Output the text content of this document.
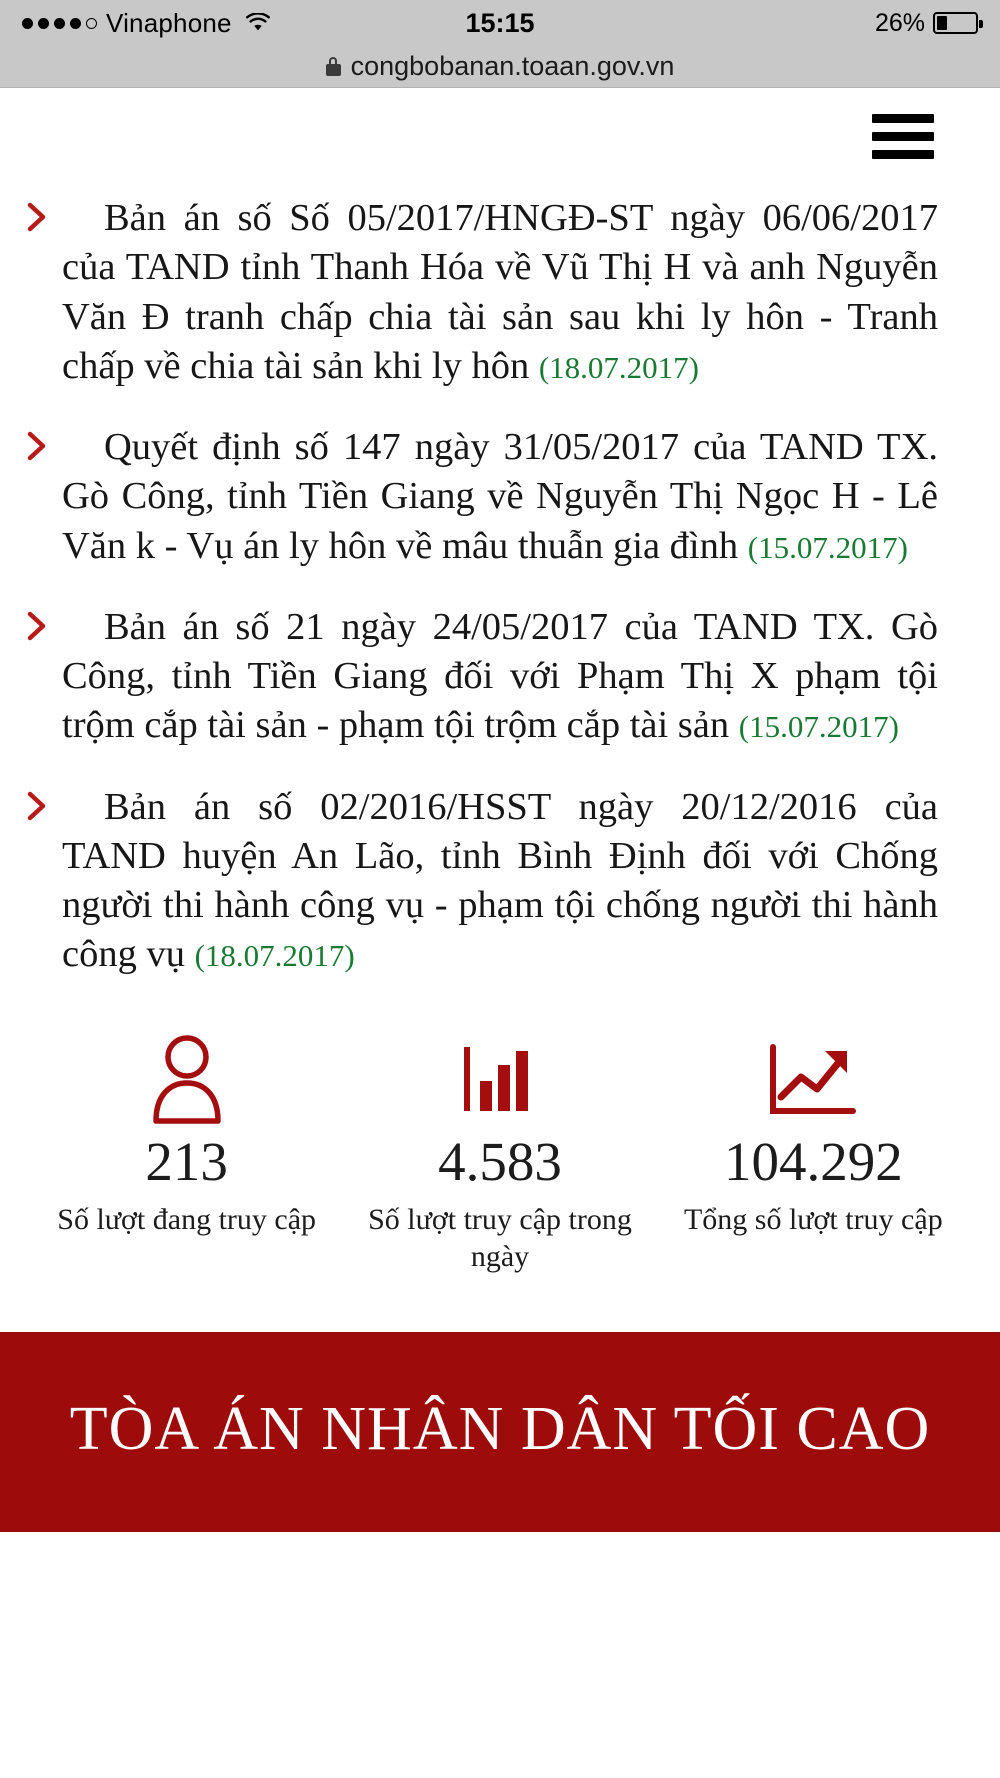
Vinaphone	15:15	26%
congbobanan.toaan.gov.vn
Bản án số Số 05/2017/HNGĐ-ST ngày 06/06/2017 của TAND tỉnh Thanh Hóa về Vũ Thị H và anh Nguyễn Văn Đ tranh chấp chia tài sản sau khi ly hôn - Tranh chấp về chia tài sản khi ly hôn (18.07.2017)
Quyết định số 147 ngày 31/05/2017 của TAND TX. Gò Công, tỉnh Tiền Giang về Nguyễn Thị Ngọc H - Lê Văn k - Vụ án ly hôn về mâu thuẫn gia đình (15.07.2017)
Bản án số 21 ngày 24/05/2017 của TAND TX. Gò Công, tỉnh Tiền Giang đối với Phạm Thị X phạm tội trộm cắp tài sản - phạm tội trộm cắp tài sản (15.07.2017)
Bản án số 02/2016/HSST ngày 20/12/2016 của TAND huyện An Lão, tỉnh Bình Định đối với Chống người thi hành công vụ - phạm tội chống người thi hành công vụ (18.07.2017)
213
Số lượt đang truy cập
4.583
Số lượt truy cập trong ngày
104.292
Tổng số lượt truy cập
TÒA ÁN NHÂN DÂN TỐI CAO
